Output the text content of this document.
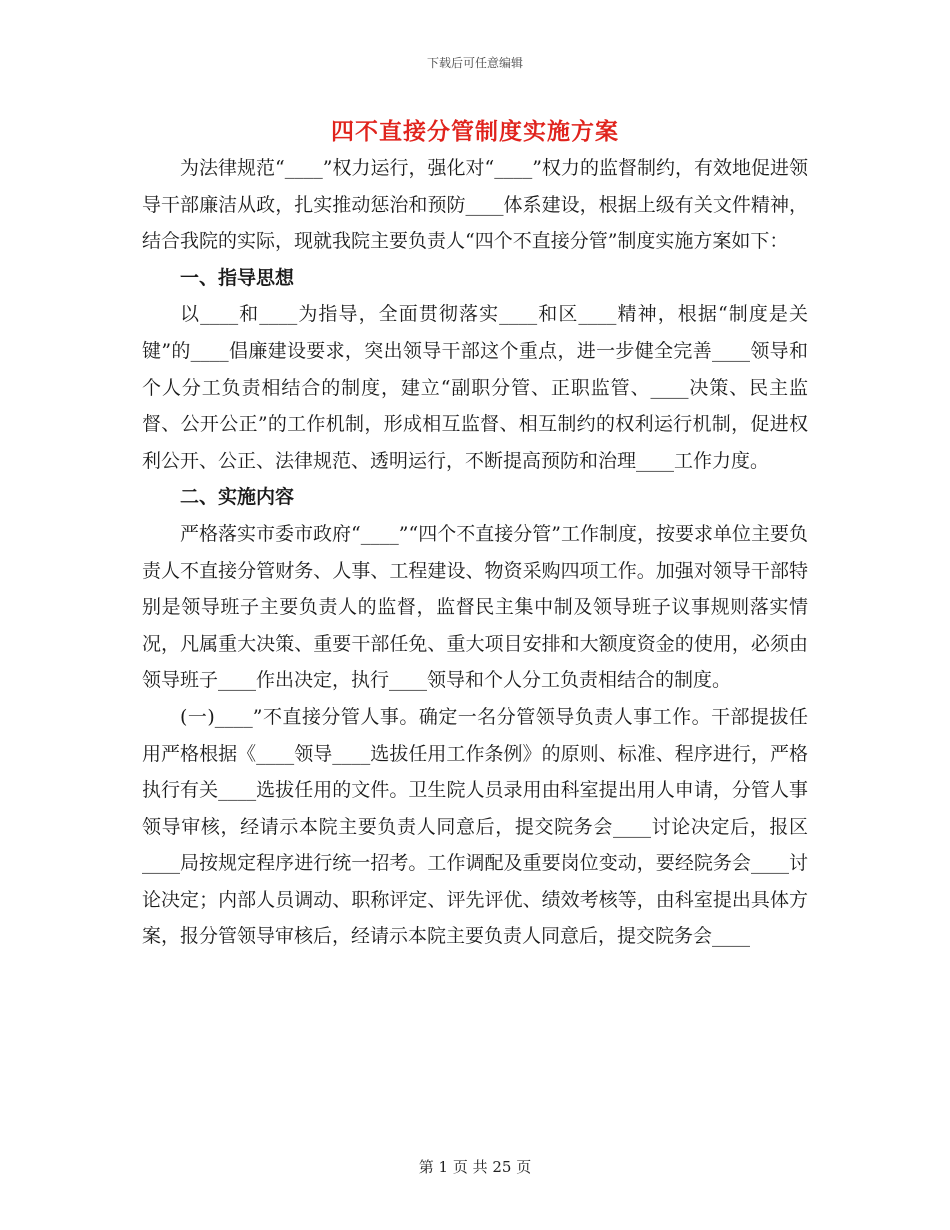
下载后可任意编辑
四不直接分管制度实施方案

为法律规范“____”权力运行，强化对“____”权力的监督制约，有效地促进领导干部廉洁从政，扎实推动惩治和预防____体系建设，根据上级有关文件精神，结合我院的实际，现就我院主要负责人“四个不直接分管”制度实施方案如下：

一、指导思想

以____和____为指导，全面贯彻落实____和区____精神，根据“制度是关键”的____倡廉建设要求，突出领导干部这个重点，进一步健全完善____领导和个人分工负责相结合的制度，建立“副职分管、正职监管、____决策、民主监督、公开公正”的工作机制，形成相互监督、相互制约的权利运行机制，促进权利公开、公正、法律规范、透明运行，不断提高预防和治理____工作力度。

二、实施内容

严格落实市委市政府“____”“四个不直接分管”工作制度，按要求单位主要负责人不直接分管财务、人事、工程建设、物资采购四项工作。加强对领导干部特别是领导班子主要负责人的监督，监督民主集中制及领导班子议事规则落实情况，凡属重大决策、重要干部任免、重大项目安排和大额度资金的使用，必须由领导班子____作出决定，执行____领导和个人分工负责相结合的制度。

(一)____”不直接分管人事。确定一名分管领导负责人事工作。干部提拔任用严格根据《____领导____选拔任用工作条例》的原则、标准、程序进行，严格执行有关____选拔任用的文件。卫生院人员录用由科室提出用人申请，分管人事领导审核，经请示本院主要负责人同意后，提交院务会____讨论决定后，报区____局按规定程序进行统一招考。工作调配及重要岗位变动，要经院务会____讨论决定；内部人员调动、职称评定、评先评优、绩效考核等，由科室提出具体方案，报分管领导审核后，经请示本院主要负责人同意后，提交院务会____

第 1 页 共 25 页
